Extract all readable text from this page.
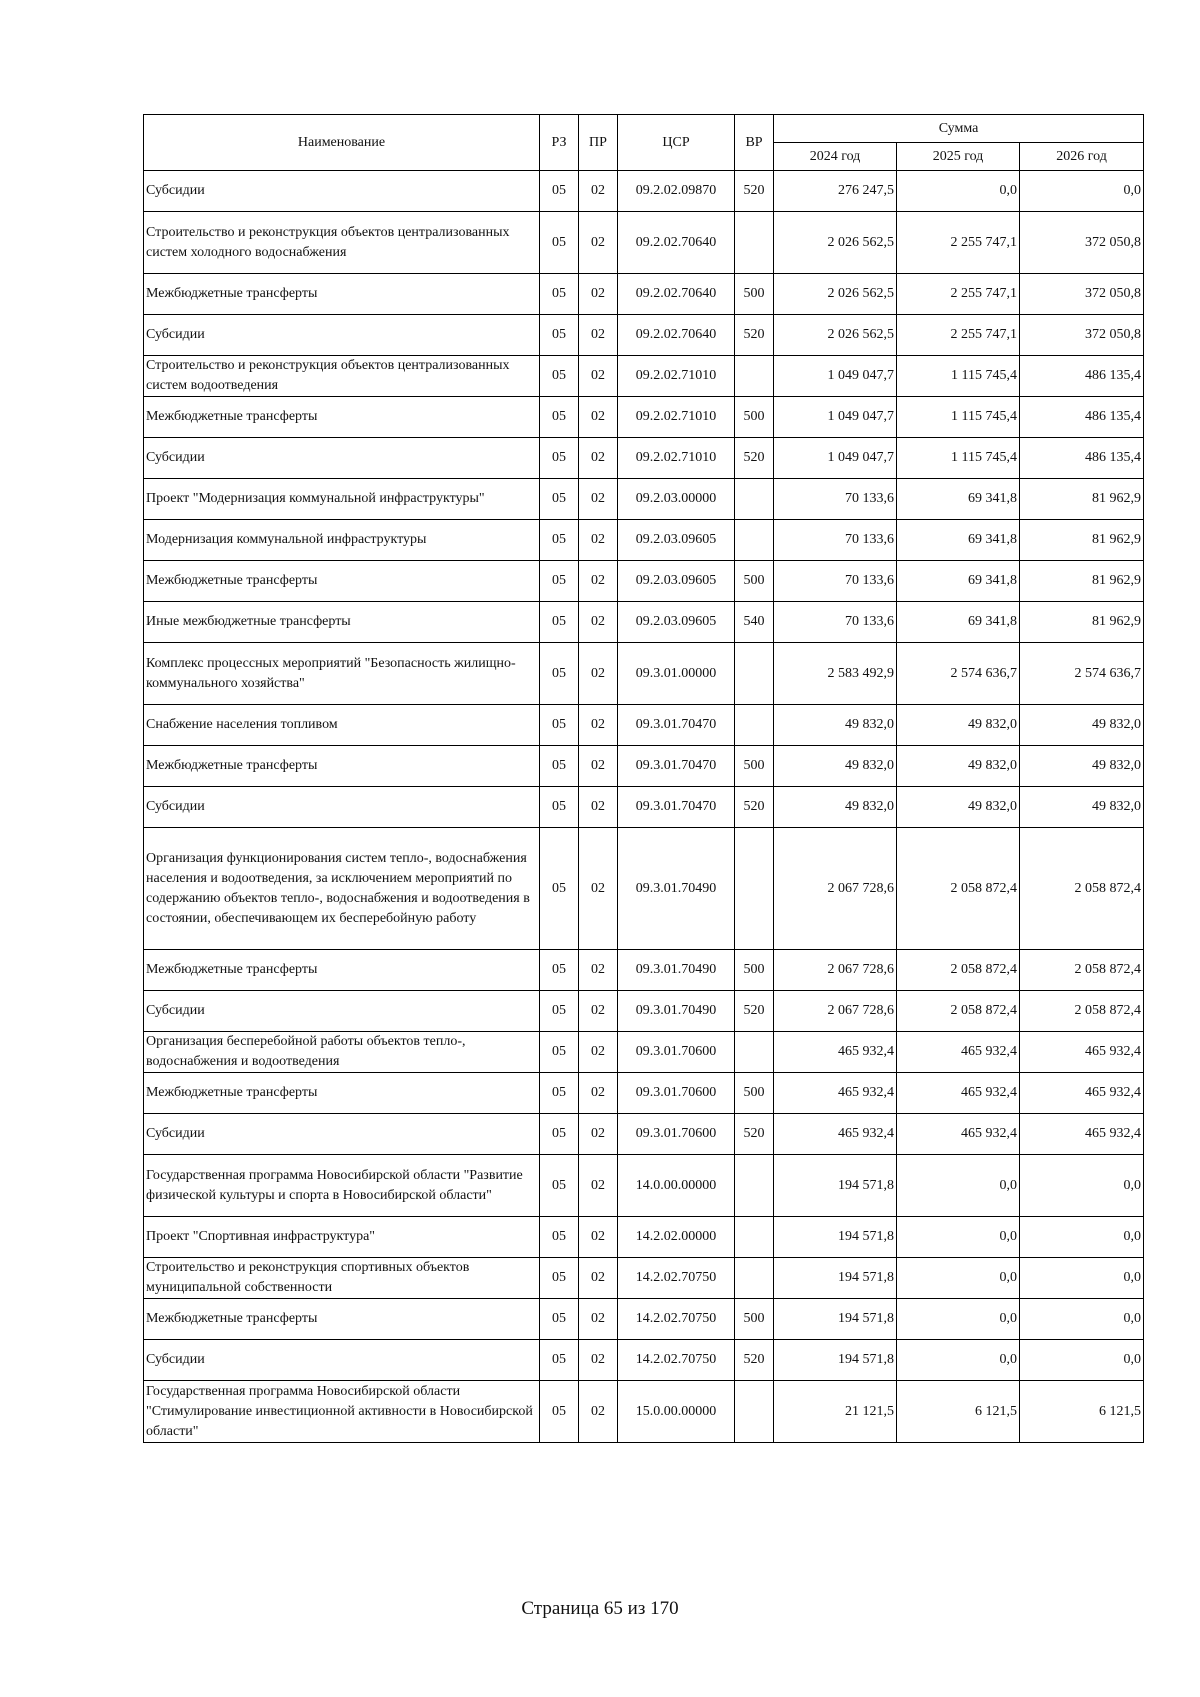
Наименование	РЗ	ПР	ЦСР	ВР	Сумма		
					2024 год	2025 год	2026 год
Субсидии	05	02	09.2.02.09870	520	276 247,5	0,0	0,0
Строительство и реконструкция объектов централизованных систем холодного водоснабжения	05	02	09.2.02.70640		2 026 562,5	2 255 747,1	372 050,8
Межбюджетные трансферты	05	02	09.2.02.70640	500	2 026 562,5	2 255 747,1	372 050,8
Субсидии	05	02	09.2.02.70640	520	2 026 562,5	2 255 747,1	372 050,8
Строительство и реконструкция объектов централизованных систем водоотведения	05	02	09.2.02.71010		1 049 047,7	1 115 745,4	486 135,4
Межбюджетные трансферты	05	02	09.2.02.71010	500	1 049 047,7	1 115 745,4	486 135,4
Субсидии	05	02	09.2.02.71010	520	1 049 047,7	1 115 745,4	486 135,4
Проект "Модернизация коммунальной инфраструктуры"	05	02	09.2.03.00000		70 133,6	69 341,8	81 962,9
Модернизация коммунальной инфраструктуры	05	02	09.2.03.09605		70 133,6	69 341,8	81 962,9
Межбюджетные трансферты	05	02	09.2.03.09605	500	70 133,6	69 341,8	81 962,9
Иные межбюджетные трансферты	05	02	09.2.03.09605	540	70 133,6	69 341,8	81 962,9
Комплекс процессных мероприятий "Безопасность жилищно-коммунального хозяйства"	05	02	09.3.01.00000		2 583 492,9	2 574 636,7	2 574 636,7
Снабжение населения топливом	05	02	09.3.01.70470		49 832,0	49 832,0	49 832,0
Межбюджетные трансферты	05	02	09.3.01.70470	500	49 832,0	49 832,0	49 832,0
Субсидии	05	02	09.3.01.70470	520	49 832,0	49 832,0	49 832,0
Организация функционирования систем тепло-, водоснабжения населения и водоотведения, за исключением мероприятий по содержанию объектов тепло-, водоснабжения и водоотведения в состоянии, обеспечивающем их бесперебойную работу	05	02	09.3.01.70490		2 067 728,6	2 058 872,4	2 058 872,4
Межбюджетные трансферты	05	02	09.3.01.70490	500	2 067 728,6	2 058 872,4	2 058 872,4
Субсидии	05	02	09.3.01.70490	520	2 067 728,6	2 058 872,4	2 058 872,4
Организация бесперебойной работы объектов тепло-, водоснабжения и водоотведения	05	02	09.3.01.70600		465 932,4	465 932,4	465 932,4
Межбюджетные трансферты	05	02	09.3.01.70600	500	465 932,4	465 932,4	465 932,4
Субсидии	05	02	09.3.01.70600	520	465 932,4	465 932,4	465 932,4
Государственная программа Новосибирской области "Развитие физической культуры и спорта в Новосибирской области"	05	02	14.0.00.00000		194 571,8	0,0	0,0
Проект "Спортивная инфраструктура"	05	02	14.2.02.00000		194 571,8	0,0	0,0
Строительство и реконструкция спортивных объектов муниципальной собственности	05	02	14.2.02.70750		194 571,8	0,0	0,0
Межбюджетные трансферты	05	02	14.2.02.70750	500	194 571,8	0,0	0,0
Субсидии	05	02	14.2.02.70750	520	194 571,8	0,0	0,0
Государственная программа Новосибирской области "Стимулирование инвестиционной активности в Новосибирской области"	05	02	15.0.00.00000		21 121,5	6 121,5	6 121,5
Страница 65 из 170
